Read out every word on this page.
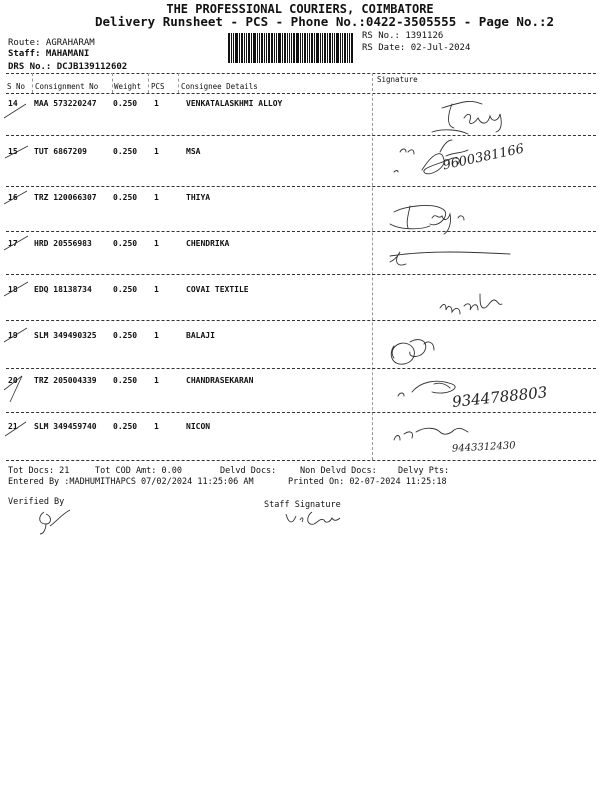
THE PROFESSIONAL COURIERS, COIMBATORE
Delivery Runsheet - PCS - Phone No.:0422-3505555 - Page No.:2
Route: AGRAHARAM
Staff: MAHAMANI
DRS No.: DCJB139112602
RS No.: 1391126
RS Date: 02-Jul-2024
S No Consignment No Weight PCS Consignee Details
Signature
14 MAA 573220247 0.250 1	VENKATALASKHMI ALLOY
15 TUT 6867209	0.250 1	MSA
16 TRZ 120066307 0.250 1	THIYA
17 HRD 20556983	0.250 1	CHENDRIKA
18 EDQ 18138734	0.250 1	COVAI TEXTILE
19 SLM 349490325 0.250 1	BALAJI
20 TRZ 205004339 0.250 1	CHANDRASEKARAN
21 SLM 349459740 0.250 1	NICON
9600381166
9344788803
9443312430
Tot Docs: 21	Tot COD Amt: 0.00	Delvd Docs:	Non Delvd Docs: Delvy Pts:
Entered By :MADHUMITHAPCS 07/02/2024 11:25:06 AM	Printed On: 02-07-2024 11:25:18
Verified By	Staff Signature
